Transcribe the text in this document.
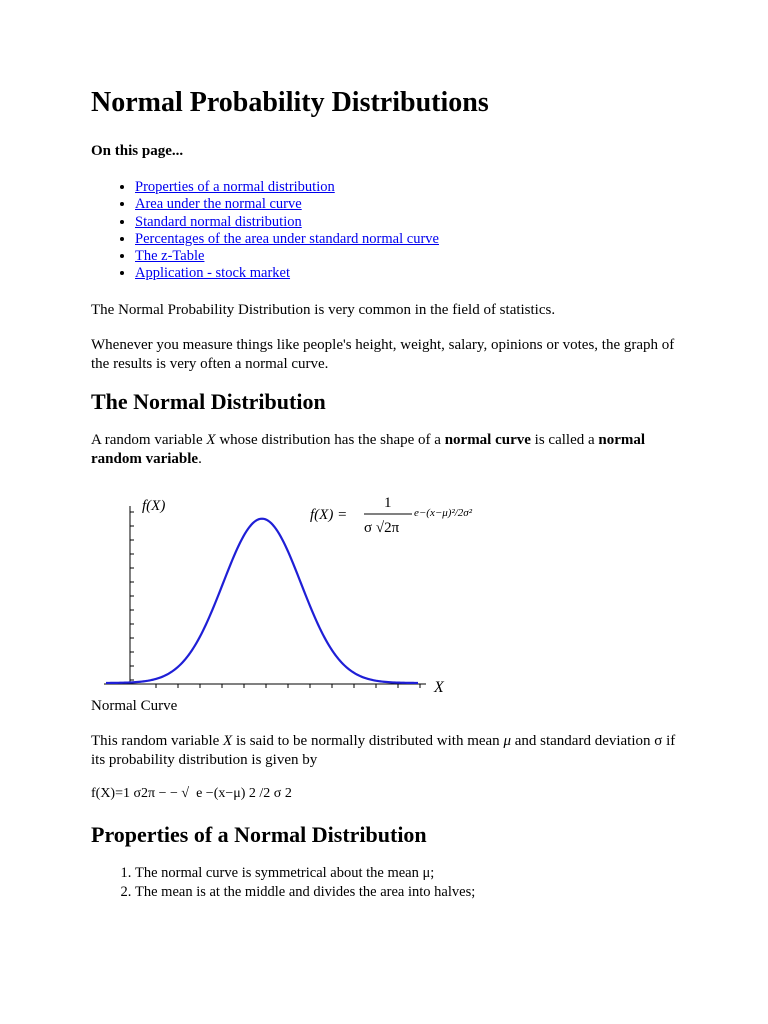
Normal Probability Distributions
On this page...
• Properties of a normal distribution
• Area under the normal curve
• Standard normal distribution
• Percentages of the area under standard normal curve
• The z-Table
• Application - stock market

The Normal Probability Distribution is very common in the field of statistics.

Whenever you measure things like people's height, weight, salary, opinions or votes, the graph of the results is very often a normal curve.

The Normal Distribution

A random variable X whose distribution has the shape of a normal curve is called a normal random variable.

f(X)
X
f(X) =
1
σ √2π
e−(x−μ)²/2σ²
Normal Curve

This random variable X is said to be normally distributed with mean μ and standard deviation σ if its probability distribution is given by

f(X)=1 σ2π − − √  e −(x−μ) 2 /2 σ 2
Properties of a Normal Distribution
1. The normal curve is symmetrical about the mean μ;
2. The mean is at the middle and divides the area into halves;
